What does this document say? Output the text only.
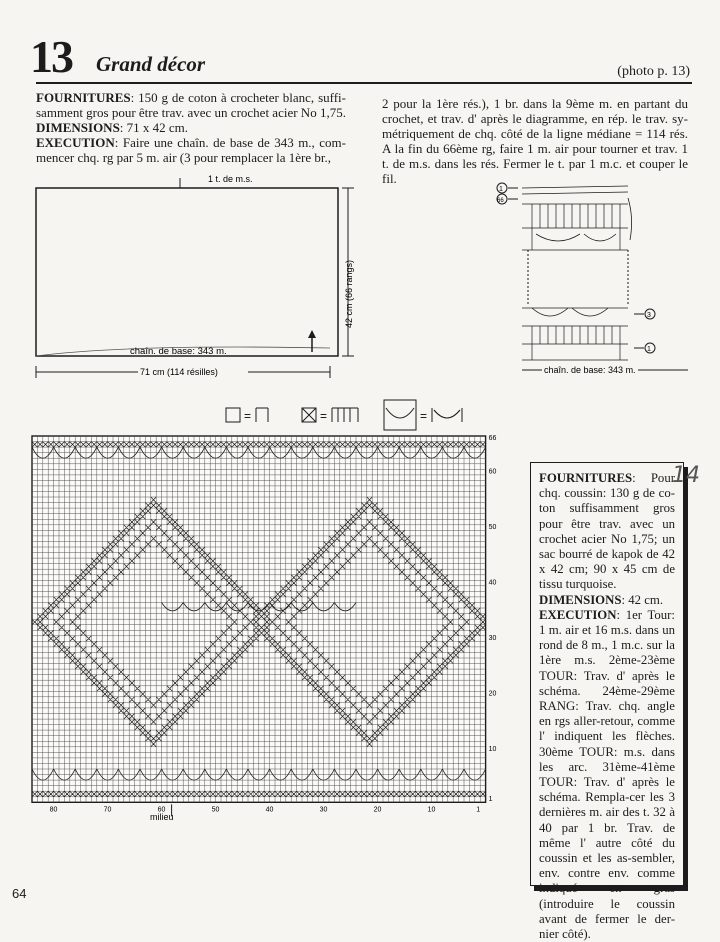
13 Grand décor	(photo p. 13)
FOURNITURES: 150 g de coton à crocheter blanc, suffi-samment gros pour être trav. avec un crochet acier No 1,75.
DIMENSIONS: 71 x 42 cm.
EXECUTION: Faire une chaîn. de base de 343 m., com-mencer chq. rg par 5 m. air (3 pour remplacer la 1ère br.,
2 pour la 1ère rés.), 1 br. dans la 9ème m. en partant du crochet, et trav. d' après le diagramme, en rép. le trav. sy-métriquement de chq. côté de la ligne médiane = 114 rés. A la fin du 66ème rg, faire 1 m. air pour tourner et trav. 1 t. de m.s. dans les rés. Fermer le t. par 1 m.c. et couper le fil.
1 t. de m.s.
chaîn. de base: 343 m.
42 cm (66 rangs)
71 cm (114 résilles)
1
66
3
1
chaîn. de base: 343 m.
=	=	=
66
60
50
40
30
20
10
1
80	70	60	50	40	30	20	10	1
milieu
FOURNITURES: Pour chq. coussin: 130 g de co-ton suffisamment gros pour être trav. avec un crochet acier No 1,75; un sac bourré de kapok de 42 x 42 cm; 90 x 45 cm de tissu turquoise.
DIMENSIONS: 42 cm.
EXECUTION: 1er Tour: 1 m. air et 16 m.s. dans un rond de 8 m., 1 m.c. sur la 1ère m.s. 2ème-23ème TOUR: Trav. d' après le schéma. 24ème-29ème RANG: Trav. chq. angle en rgs aller-retour, comme l' indiquent les flèches. 30ème TOUR: m.s. dans les arc. 31ème-41ème TOUR: Trav. d' après le schéma. Rempla-cer les 3 dernières m. air des t. 32 à 40 par 1 br. Trav. de même l' autre côté du coussin et les as-sembler, env. contre env. comme indiqué en gras (introduire le coussin avant de fermer le der-nier côté).
14
64
